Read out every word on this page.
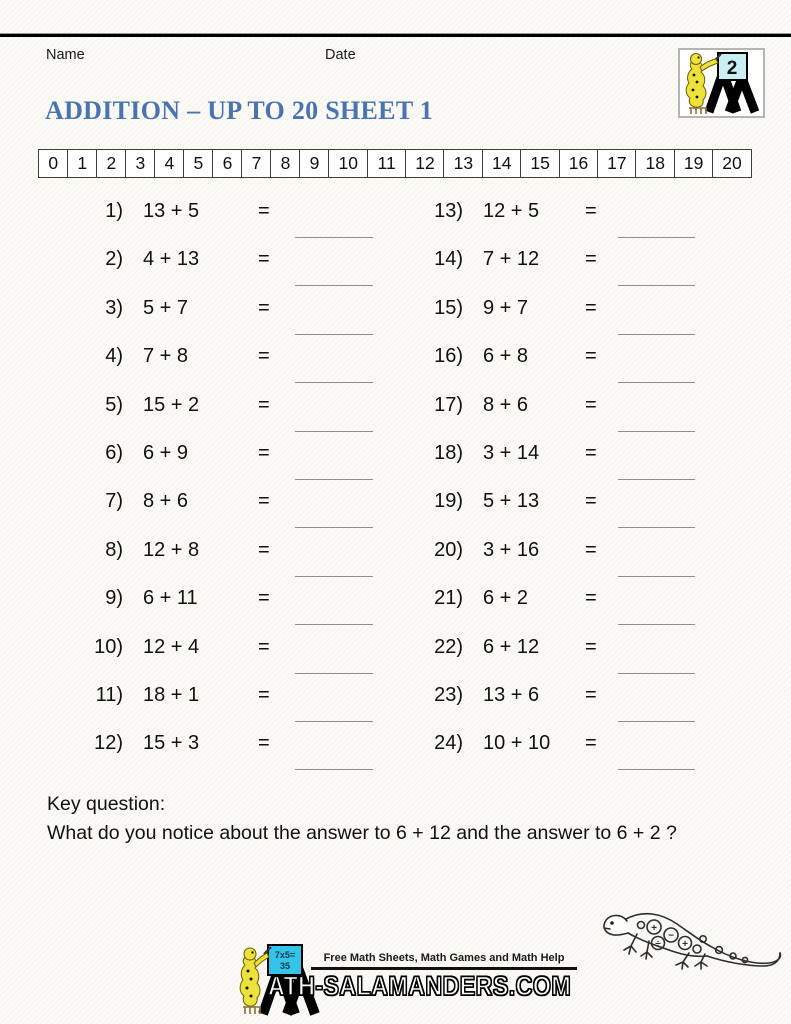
Name	Date
2
ADDITION – UP TO 20 SHEET 1
0	1	2	3	4	5	6	7	8	9	10	11	12	13	14	15	16	17	18	19	20
1) 13 + 5	=
2) 4 + 13	=
3) 5 + 7	=
4) 7 + 8	=
5) 15 + 2	=
6) 6 + 9	=
7) 8 + 6	=
8) 12 + 8	=
9) 6 + 11	=
10) 12 + 4	=
11) 18 + 1	=
12) 15 + 3	=
13) 12 + 5 =
14) 7 + 12 =
15) 9 + 7	=
16) 6 + 8	=
17) 8 + 6	=
18) 3 + 14 =
19) 5 + 13 =
20) 3 + 16 =
21) 6 + 2	=
22) 6 + 12 =
23) 13 + 6 =
24) 10 + 10 =
Key question:
What do you notice about the answer to 6 + 12 and the answer to 6 + 2 ?
+
−
÷ +
7x5=
35
Free Math Sheets, Math Games and Math Help
ATH-SALAMANDERS.COM
